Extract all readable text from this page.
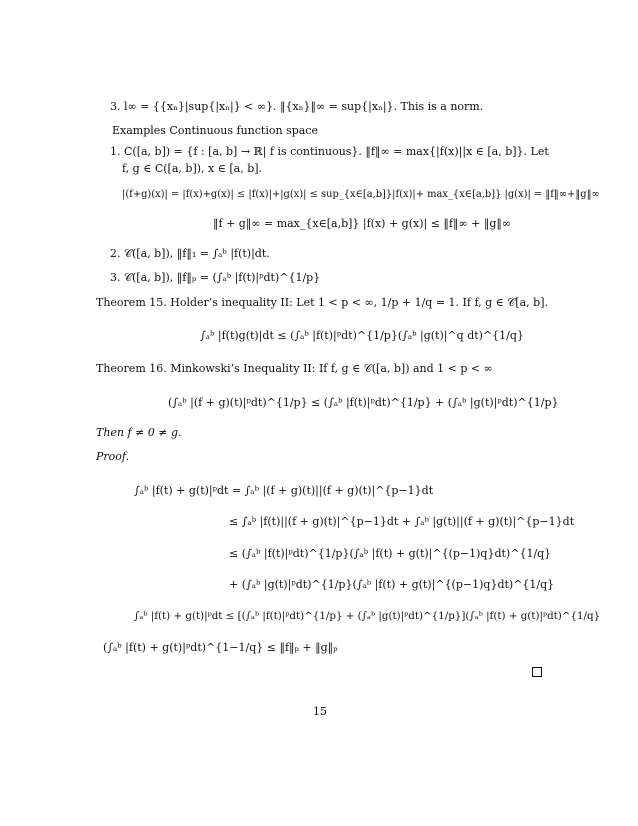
3. l∞ = {{xₙ}|sup{|xₙ|} < ∞}. ‖{xₙ}‖∞ = sup{|xₙ|}. This is a norm.
Examples Continuous function space
1. C([a, b]) = {f : [a, b] → ℝ| f is continuous}. ‖f‖∞ = max{|f(x)||x ∈ [a, b]}. Let
f, g ∈ C([a, b]), x ∈ [a, b].
|(f+g)(x)| = |f(x)+g(x)| ≤ |f(x)|+|g(x)| ≤ sup_{x∈[a,b]}|f(x)|+ max_{x∈[a,b]} |g(x)| = ‖f‖∞+‖g‖∞
‖f + g‖∞ = max_{x∈[a,b]} |f(x) + g(x)| ≤ ‖f‖∞ + ‖g‖∞
2. 𝒞([a, b]), ‖f‖₁ = ∫ₐᵇ |f(t)|dt.
3. 𝒞([a, b]), ‖f‖ₚ = (∫ₐᵇ |f(t)|ᵖdt)^{1/p}
Theorem 15. Holder’s inequality II: Let 1 < p < ∞, 1/p + 1/q = 1. If f, g ∈ 𝒞[a, b].
∫ₐᵇ |f(t)g(t)|dt ≤ (∫ₐᵇ |f(t)|ᵖdt)^{1/p}(∫ₐᵇ |g(t)|^q dt)^{1/q}
Theorem 16. Minkowski’s Inequality II: If f, g ∈ 𝒞([a, b]) and 1 < p < ∞
(∫ₐᵇ |(f + g)(t)|ᵖdt)^{1/p} ≤ (∫ₐᵇ |f(t)|ᵖdt)^{1/p} + (∫ₐᵇ |g(t)|ᵖdt)^{1/p}
Then f ≠ 0 ≠ g.
Proof.
∫ₐᵇ |f(t) + g(t)|ᵖdt = ∫ₐᵇ |(f + g)(t)||(f + g)(t)|^{p−1}dt
≤ ∫ₐᵇ |f(t)||(f + g)(t)|^{p−1}dt + ∫ₐᵇ |g(t)||(f + g)(t)|^{p−1}dt
≤ (∫ₐᵇ |f(t)|ᵖdt)^{1/p}(∫ₐᵇ |f(t) + g(t)|^{(p−1)q}dt)^{1/q}
+ (∫ₐᵇ |g(t)|ᵖdt)^{1/p}(∫ₐᵇ |f(t) + g(t)|^{(p−1)q}dt)^{1/q}
∫ₐᵇ |f(t) + g(t)|ᵖdt ≤ [(∫ₐᵇ |f(t)|ᵖdt)^{1/p} + (∫ₐᵇ |g(t)|ᵖdt)^{1/p}](∫ₐᵇ |f(t) + g(t)|ᵖdt)^{1/q}
(∫ₐᵇ |f(t) + g(t)|ᵖdt)^{1−1/q} ≤ ‖f‖ₚ + ‖g‖ₚ
15
